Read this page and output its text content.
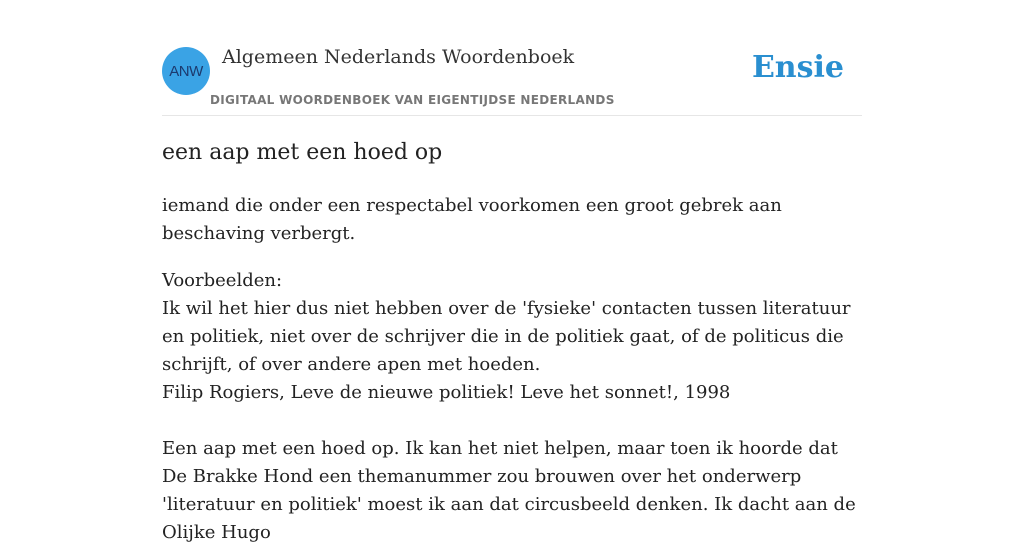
ANW
Algemeen Nederlands Woordenboek
DIGITAAL WOORDENBOEK VAN EIGENTIJDSE NEDERLANDS
Ensie
een aap met een hoed op

iemand die onder een respectabel voorkomen een groot gebrek aan beschaving verbergt.

Voorbeelden:

Ik wil het hier dus niet hebben over de 'fysieke' contacten tussen literatuur en politiek, niet over de schrijver die in de politiek gaat, of de politicus die schrijft, of over andere apen met hoeden.

Filip Rogiers, Leve de nieuwe politiek! Leve het sonnet!, 1998

Een aap met een hoed op. Ik kan het niet helpen, maar toen ik hoorde dat De Brakke Hond een themanummer zou brouwen over het onderwerp 'literatuur en politiek' moest ik aan dat circusbeeld denken. Ik dacht aan de Olijke Hugo
